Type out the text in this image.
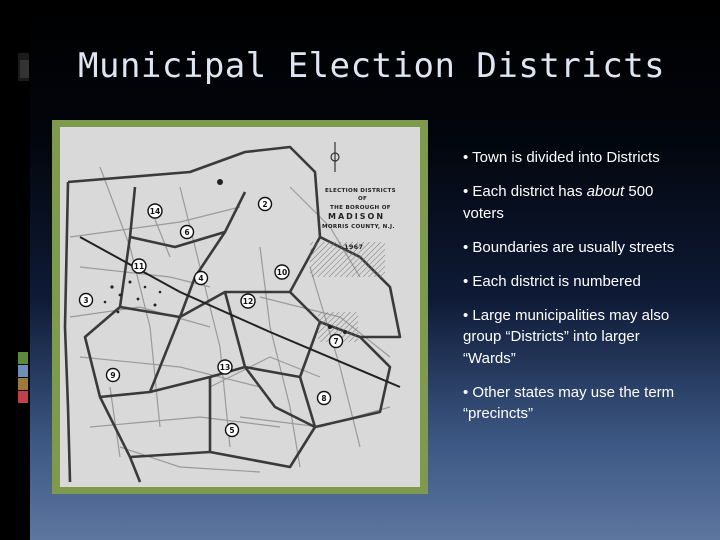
Municipal Election Districts
ELECTION DISTRICTS
OF
THE BOROUGH OF
MADISON
MORRIS COUNTY, N.J.
1967
14
2
6
11
10
4
3	12
7
13
9
8
5
• Town is divided into Districts
• Each district has about 500 voters
• Boundaries are usually streets
• Each district is numbered
• Large municipalities may also group “Districts” into larger “Wards”
• Other states may use the term “precincts”
